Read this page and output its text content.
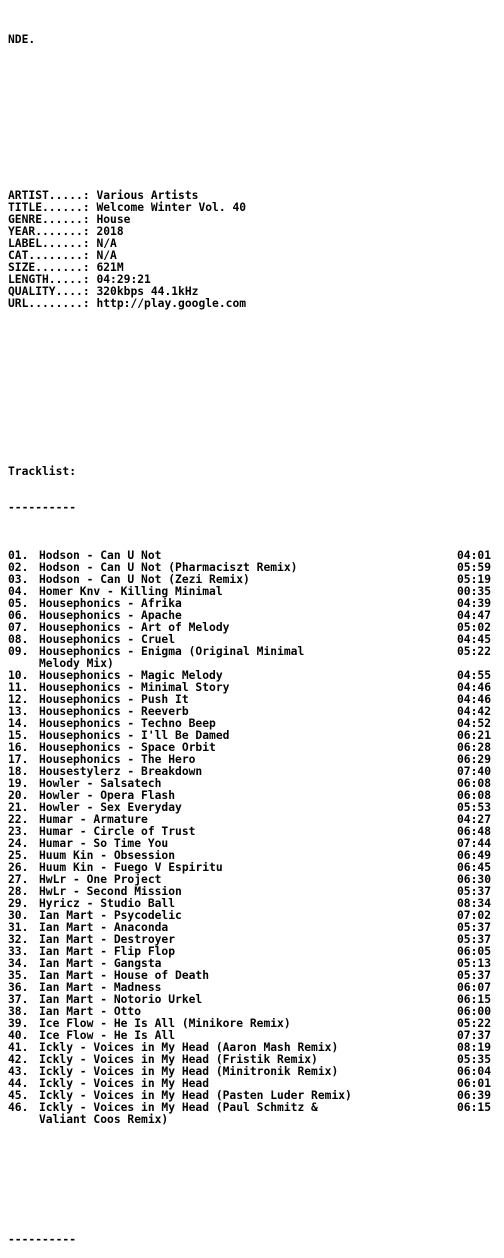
NDE.

ARTIST.....: Various Artists
TITLE......: Welcome Winter Vol. 40
GENRE......: House
YEAR.......: 2018
LABEL......: N/A
CAT........: N/A
SIZE.......: 621M
LENGTH.....: 04:29:21
QUALITY....: 320kbps 44.1kHz
URL........: http://play.google.com

Tracklist:

----------

01. Hodson - Can U Not	04:01
02. Hodson - Can U Not (Pharmaciszt Remix)	05:59
03. Hodson - Can U Not (Zezi Remix)	05:19
04. Homer Knv - Killing Minimal	00:35
05. Housephonics - Afrika	04:39
06. Housephonics - Apache	04:47
07. Housephonics - Art of Melody	05:02
08. Housephonics - Cruel	04:45
09. Housephonics - Enigma (Original Minimal	05:22
Melody Mix)
10. Housephonics - Magic Melody	04:55
11. Housephonics - Minimal Story	04:46
12. Housephonics - Push It	04:46
13. Housephonics - Reeverb	04:42
14. Housephonics - Techno Beep	04:52
15. Housephonics - I'll Be Damed	06:21
16. Housephonics - Space Orbit	06:28
17. Housephonics - The Hero	06:29
18. Housestylerz - Breakdown	07:40
19. Howler - Salsatech	06:08
20. Howler - Opera Flash	06:08
21. Howler - Sex Everyday	05:53
22. Humar - Armature	04:27
23. Humar - Circle of Trust	06:48
24. Humar - So Time You	07:44
25. Huum Kin - Obsession	06:49
26. Huum Kin - Fuego V Espiritu	06:45
27. HwLr - One Project	06:30
28. HwLr - Second Mission	05:37
29. Hyricz - Studio Ball	08:34
30. Ian Mart - Psycodelic	07:02
31. Ian Mart - Anaconda	05:37
32. Ian Mart - Destroyer	05:37
33. Ian Mart - Flip Flop	06:05
34. Ian Mart - Gangsta	05:13
35. Ian Mart - House of Death	05:37
36. Ian Mart - Madness	06:07
37. Ian Mart - Notorio Urkel	06:15
38. Ian Mart - Otto	06:00
39. Ice Flow - He Is All (Minikore Remix)	05:22
40. Ice Flow - He Is All	07:37
41. Ickly - Voices in My Head (Aaron Mash Remix)	08:19
42. Ickly - Voices in My Head (Fristik Remix)	05:35
43. Ickly - Voices in My Head (Minitronik Remix)	06:04
44. Ickly - Voices in My Head	06:01
45. Ickly - Voices in My Head (Pasten Luder Remix)	06:39
46. Ickly - Voices in My Head (Paul Schmitz &	06:15
Valiant Coos Remix)

----------
